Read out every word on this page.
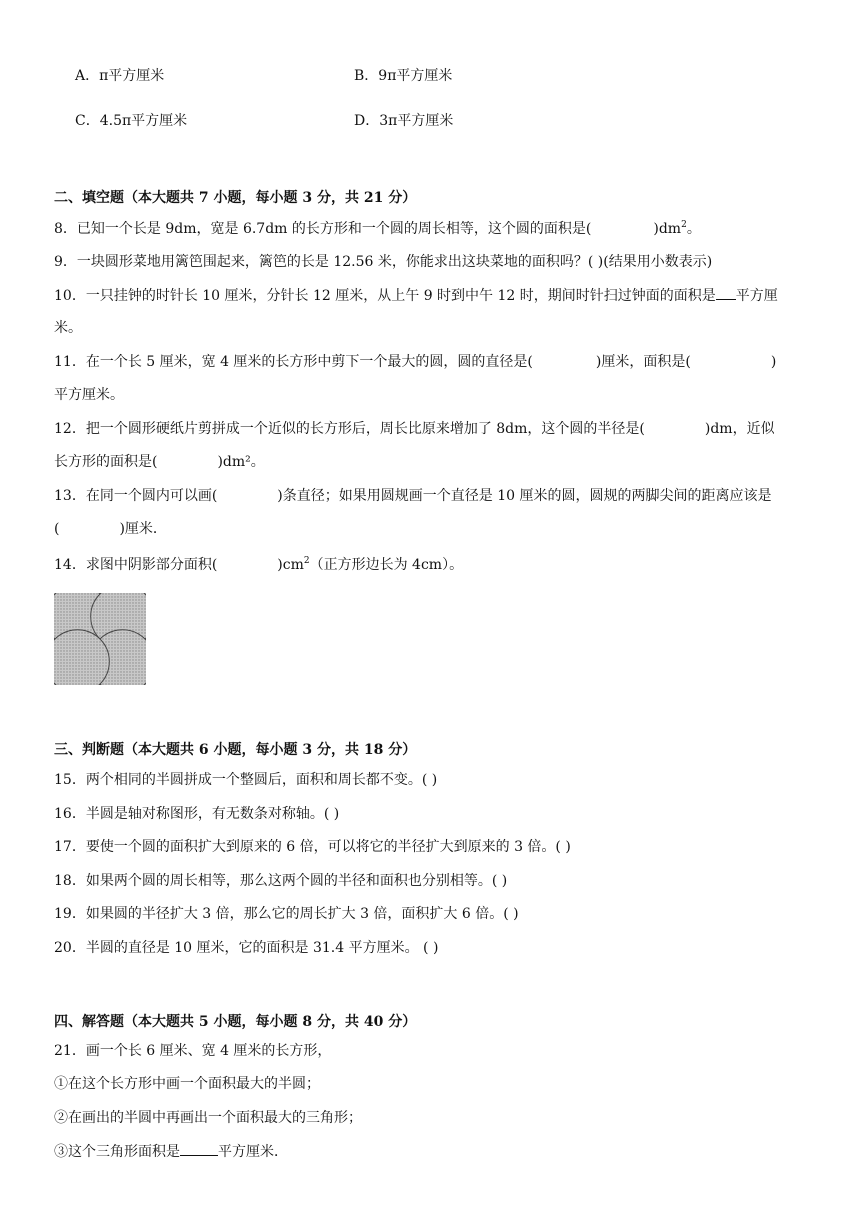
A．π平方厘米	B．9π平方厘米
C．4.5π平方厘米	D．3π平方厘米
二、填空题（本大题共 7 小题，每小题 3 分，共 21 分）
8．已知一个长是 9dm，宽是 6.7dm 的长方形和一个圆的周长相等，这个圆的面积是(	)$dm^2$。
9．一块圆形菜地用篱笆围起来，篱笆的长是 12.56 米，你能求出这块菜地的面积吗？( )(结果用小数表示)
10．一只挂钟的时针长 10 厘米，分针长 12 厘米，从上午 9 时到中午 12 时，期间时针扫过钟面的面积是 平方厘
米。
11．在一个长 5 厘米，宽 4 厘米的长方形中剪下一个最大的圆，圆的直径是(	)厘米，面积是(	)
平方厘米。
12．把一个圆形硬纸片剪拼成一个近似的长方形后，周长比原来增加了 8dm，这个圆的半径是(	)dm，近似
长方形的面积是(	)dm²。
13．在同一个圆内可以画(	)条直径；如果用圆规画一个直径是 10 厘米的圆，圆规的两脚尖间的距离应该是
(	)厘米．
14．求图中阴影部分面积(	)$cm^2$（正方形边长为 4cm）。
三、判断题（本大题共 6 小题，每小题 3 分，共 18 分）
15．两个相同的半圆拼成一个整圆后，面积和周长都不变。( )
16．半圆是轴对称图形，有无数条对称轴。( )
17．要使一个圆的面积扩大到原来的 6 倍，可以将它的半径扩大到原来的 3 倍。( )
18．如果两个圆的周长相等，那么这两个圆的半径和面积也分别相等。( )
19．如果圆的半径扩大 3 倍，那么它的周长扩大 3 倍，面积扩大 6 倍。( )
20．半圆的直径是 10 厘米，它的面积是 31.4 平方厘米。 ( )
四、解答题（本大题共 5 小题，每小题 8 分，共 40 分）
21．画一个长 6 厘米、宽 4 厘米的长方形，
①在这个长方形中画一个面积最大的半圆；
②在画出的半圆中再画出一个面积最大的三角形；
③这个三角形面积是	平方厘米．
